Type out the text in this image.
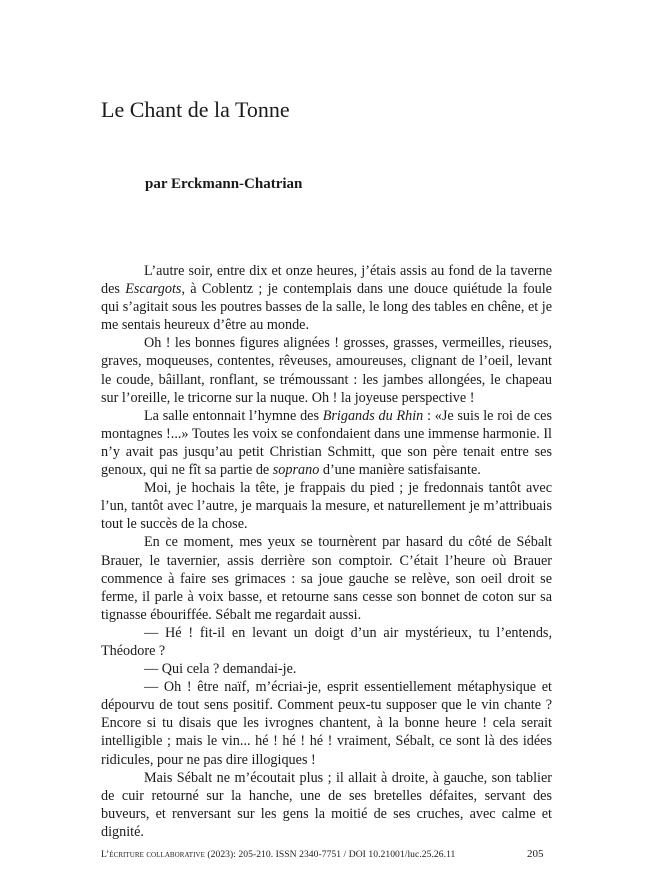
Le Chant de la Tonne
par Erckmann-Chatrian

L’autre soir, entre dix et onze heures, j’étais assis au fond de la taverne des Escargots, à Coblentz ; je contemplais dans une douce quiétude la foule qui s’agitait sous les poutres basses de la salle, le long des tables en chêne, et je me sentais heureux d’être au monde.

Oh ! les bonnes figures alignées ! grosses, grasses, vermeilles, rieuses, graves, moqueuses, contentes, rêveuses, amoureuses, clignant de l’oeil, levant le coude, bâillant, ronflant, se trémoussant : les jambes allongées, le chapeau sur l’oreille, le tricorne sur la nuque. Oh ! la joyeuse perspective !

La salle entonnait l’hymne des Brigands du Rhin : «Je suis le roi de ces montagnes !...» Toutes les voix se confondaient dans une immense harmonie. Il n’y avait pas jusqu’au petit Christian Schmitt, que son père tenait entre ses genoux, qui ne fît sa partie de soprano d’une manière satisfaisante.

Moi, je hochais la tête, je frappais du pied ; je fredonnais tantôt avec l’un, tantôt avec l’autre, je marquais la mesure, et naturellement je m’attribuais tout le succès de la chose.

En ce moment, mes yeux se tournèrent par hasard du côté de Sébalt Brauer, le tavernier, assis derrière son comptoir. C’était l’heure où Brauer commence à faire ses grimaces : sa joue gauche se relève, son oeil droit se ferme, il parle à voix basse, et retourne sans cesse son bonnet de coton sur sa tignasse ébouriffée. Sébalt me regardait aussi.

— Hé ! fit-il en levant un doigt d’un air mystérieux, tu l’entends, Théodore ?

— Qui cela ? demandai-je.

— Oh ! être naïf, m’écriai-je, esprit essentiellement métaphysique et dépourvu de tout sens positif. Comment peux-tu supposer que le vin chante ? Encore si tu disais que les ivrognes chantent, à la bonne heure ! cela serait intelligible ; mais le vin... hé ! hé ! hé ! vraiment, Sébalt, ce sont là des idées ridicules, pour ne pas dire illogiques !

Mais Sébalt ne m’écoutait plus ; il allait à droite, à gauche, son tablier de cuir retourné sur la hanche, une de ses bretelles défaites, servant des buveurs, et renversant sur les gens la moitié de ses cruches, avec calme et dignité.

L’écriture collaborative (2023): 205-210. ISSN 2340-7751 / DOI 10.21001/luc.25.26.11	205
